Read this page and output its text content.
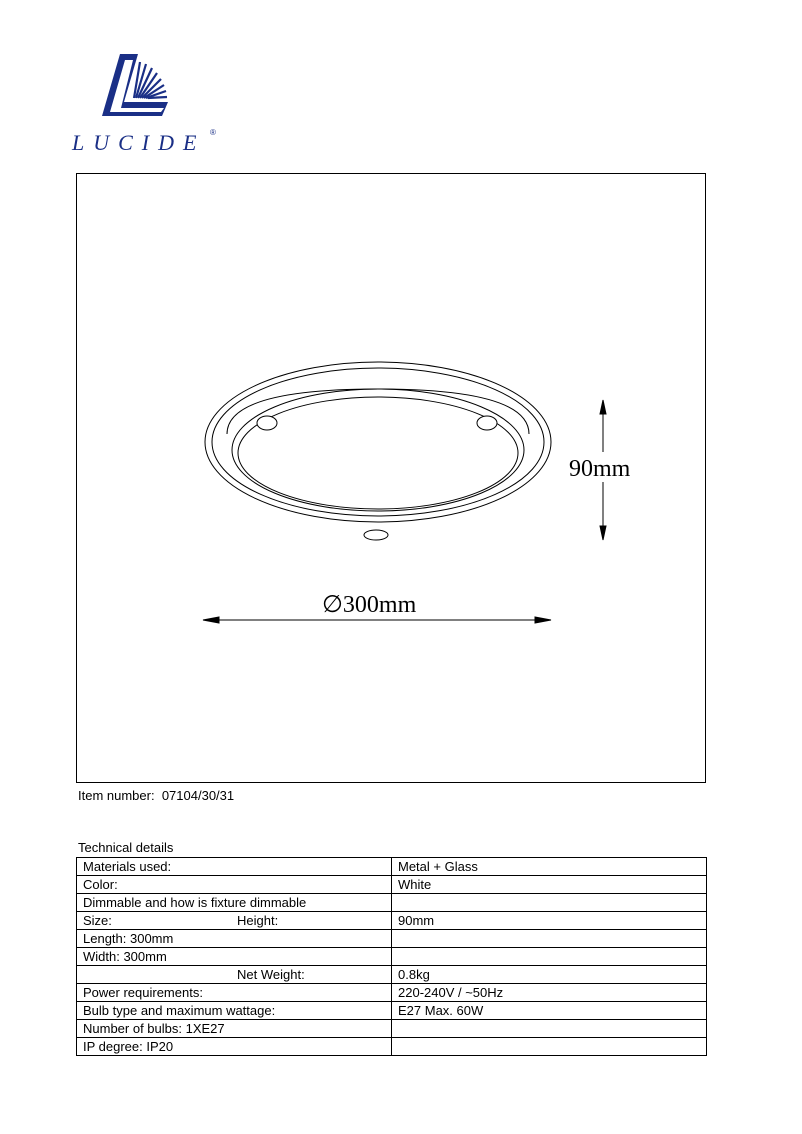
LUCIDE ®
90mm
∅300mm
Item number: 07104/30/31
Technical details
Materials used:	Metal + Glass
Color:	White
Dimmable and how is fixture dimmable	

Size: Height:	90mm
Length: 300mm	
Width: 300mm	

Net Weight:	0.8kg
Power requirements:	220-240V / ~50Hz
Bulb type and maximum wattage:	E27 Max. 60W
Number of bulbs: 1XE27	
IP degree: IP20	
